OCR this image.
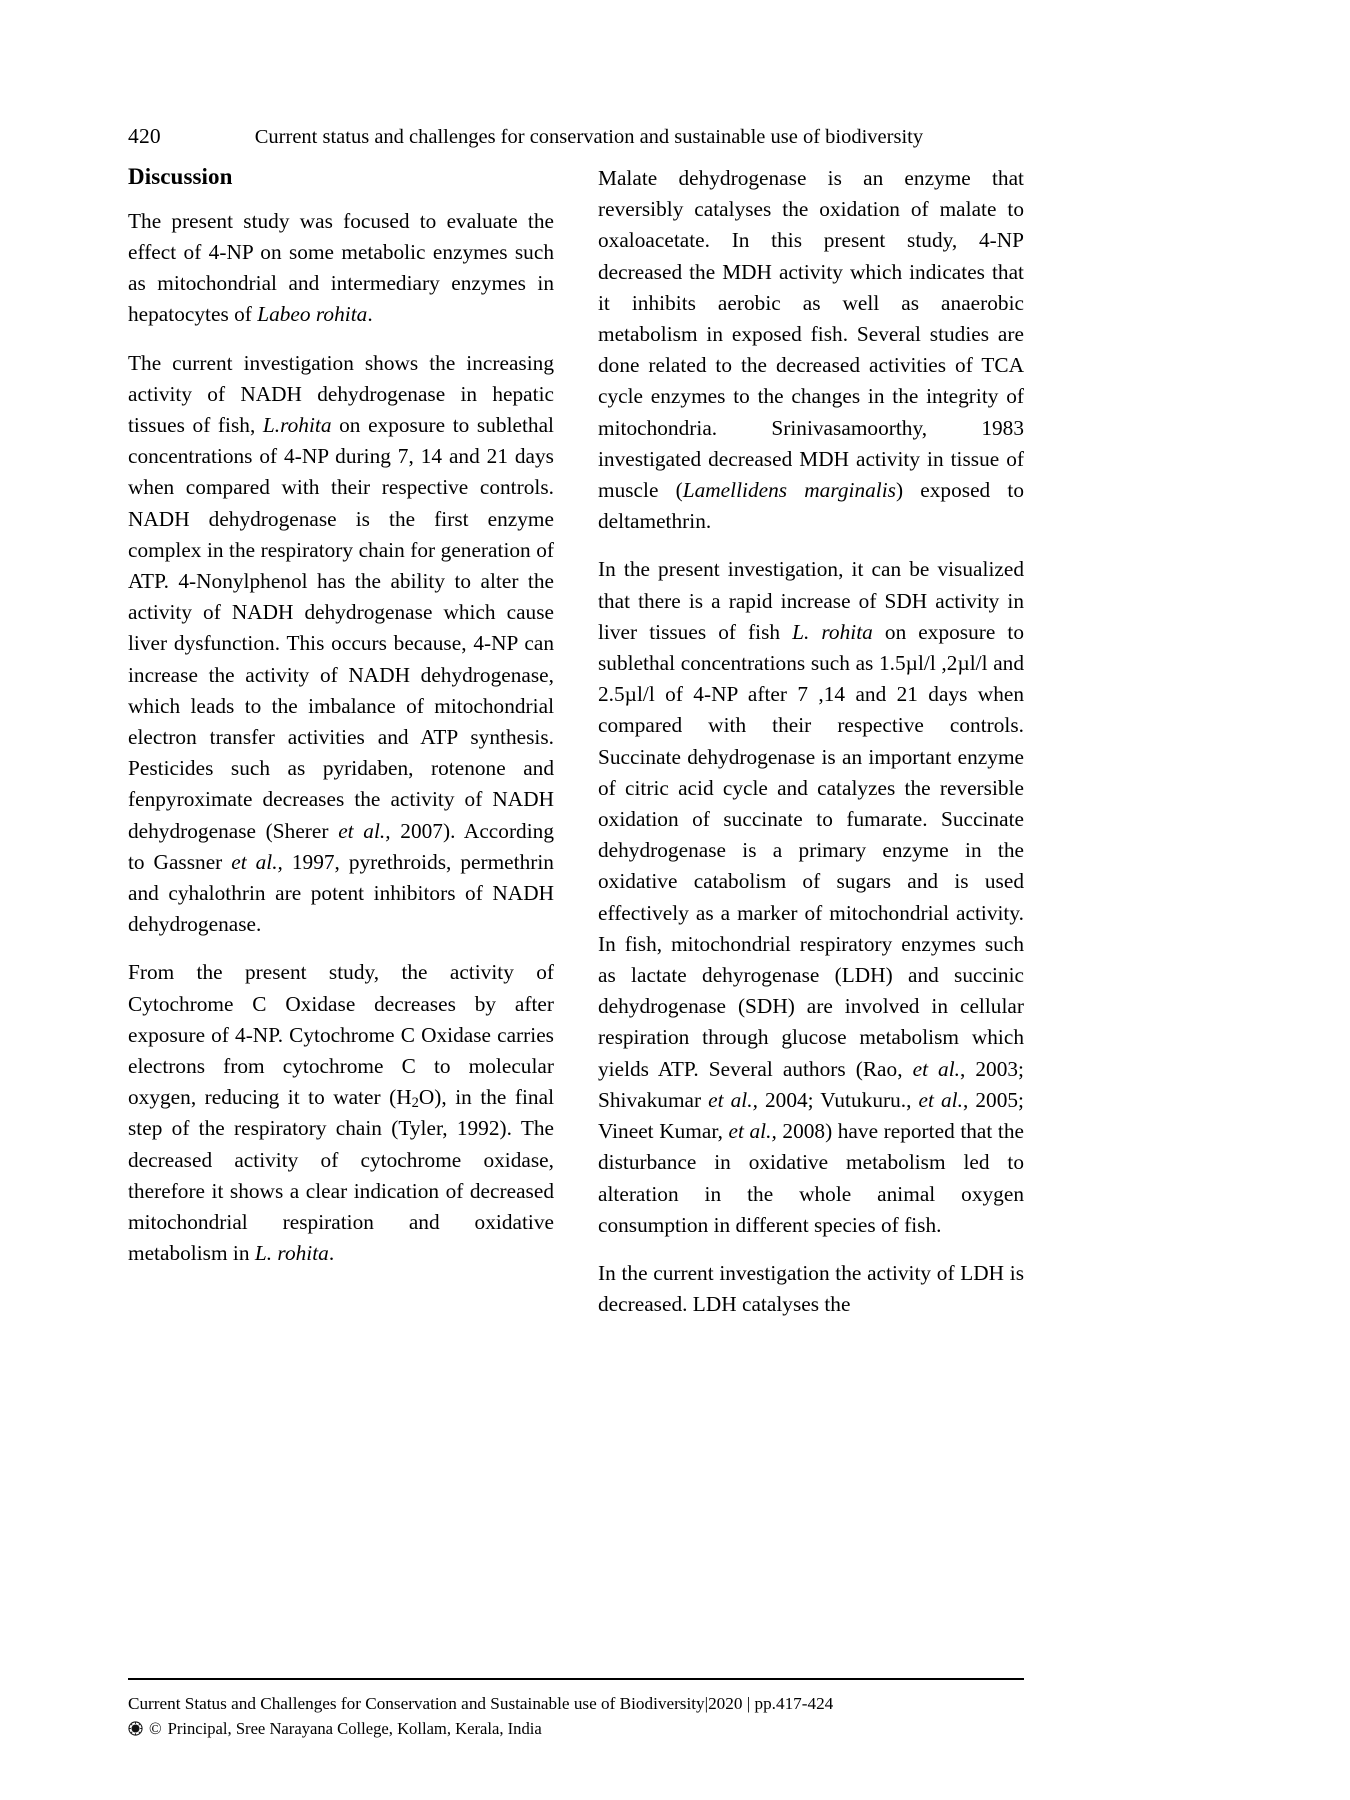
420	Current status and challenges for conservation and sustainable use of biodiversity
Discussion

The present study was focused to evaluate the effect of 4-NP on some metabolic enzymes such as mitochondrial and intermediary enzymes in hepatocytes of Labeo rohita.

The current investigation shows the increasing activity of NADH dehydrogenase in hepatic tissues of fish, L.rohita on exposure to sublethal concentrations of 4-NP during 7, 14 and 21 days when compared with their respective controls. NADH dehydrogenase is the first enzyme complex in the respiratory chain for generation of ATP. 4-Nonylphenol has the ability to alter the activity of NADH dehydrogenase which cause liver dysfunction. This occurs because, 4-NP can increase the activity of NADH dehydrogenase, which leads to the imbalance of mitochondrial electron transfer activities and ATP synthesis. Pesticides such as pyridaben, rotenone and fenpyroximate decreases the activity of NADH dehydrogenase (Sherer et al., 2007). According to Gassner et al., 1997, pyrethroids, permethrin and cyhalothrin are potent inhibitors of NADH dehydrogenase.

From the present study, the activity of Cytochrome C Oxidase decreases by after exposure of 4-NP. Cytochrome C Oxidase carries electrons from cytochrome C to molecular oxygen, reducing it to water $(H_2O)$, in the final step of the respiratory chain (Tyler, 1992). The decreased activity of cytochrome oxidase, therefore it shows a clear indication of decreased mitochondrial respiration and oxidative metabolism in L. rohita.

Malate dehydrogenase is an enzyme that reversibly catalyses the oxidation of malate to oxaloacetate. In this present study, 4-NP decreased the MDH activity which indicates that it inhibits aerobic as well as anaerobic metabolism in exposed fish. Several studies are done related to the decreased activities of TCA cycle enzymes to the changes in the integrity of mitochondria. Srinivasamoorthy, 1983 investigated decreased MDH activity in tissue of muscle (Lamellidens marginalis) exposed to deltamethrin.

In the present investigation, it can be visualized that there is a rapid increase of SDH activity in liver tissues of fish L. rohita on exposure to sublethal concentrations such as 1.5µl/l ,2µl/l and 2.5µl/l of 4-NP after 7 ,14 and 21 days when compared with their respective controls. Succinate dehydrogenase is an important enzyme of citric acid cycle and catalyzes the reversible oxidation of succinate to fumarate. Succinate dehydrogenase is a primary enzyme in the oxidative catabolism of sugars and is used effectively as a marker of mitochondrial activity. In fish, mitochondrial respiratory enzymes such as lactate dehyrogenase (LDH) and succinic dehydrogenase (SDH) are involved in cellular respiration through glucose metabolism which yields ATP. Several authors (Rao, et al., 2003; Shivakumar et al., 2004; Vutukuru., et al., 2005; Vineet Kumar, et al., 2008) have reported that the disturbance in oxidative metabolism led to alteration in the whole animal oxygen consumption in different species of fish.

In the current investigation the activity of LDH is decreased. LDH catalyses the

Current Status and Challenges for Conservation and Sustainable use of Biodiversity|2020 | pp.417-424
© Principal, Sree Narayana College, Kollam, Kerala, India
